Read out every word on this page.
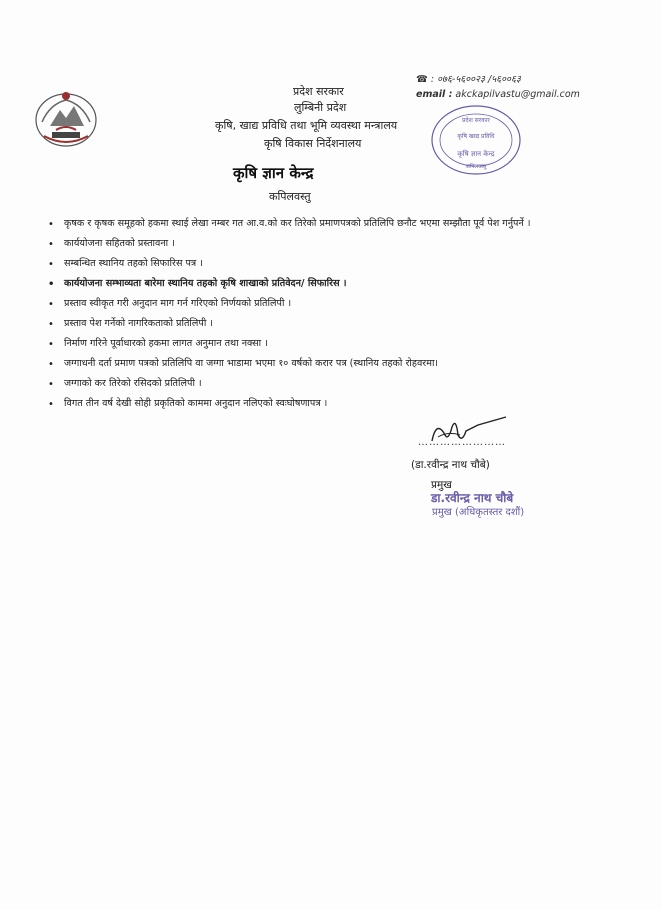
प्रदेश सरकार
लुम्बिनी प्रदेश
कृषि, खाद्य प्रविधि तथा भूमि व्यवस्था मन्त्रालय
कृषि विकास निर्देशनालय
कृषि ज्ञान केन्द्र
कपिलवस्तु
☎ : ०७६-५६००२३ /५६००६३
email : akckapilvastu@gmail.com
प्रदेश सरकार
कृषि खाद्य प्रविधि
कृषि ज्ञान केन्द्र
कपिलवस्तु
• कृषक र कृषक समूहको हकमा स्थाई लेखा नम्बर गत आ.व.को कर तिरेको प्रमाणपत्रको प्रतिलिपि छनौट भएमा सम्झौता पूर्व पेश गर्नुपर्ने ।
• कार्ययोजना सहितको प्रस्तावना ।
• सम्बन्धित स्थानिय तहको सिफारिस पत्र ।
• कार्ययोजना सम्भाव्यता बारेमा स्थानिय तहको कृषि शाखाको प्रतिवेदन/ सिफारिस ।
• प्रस्ताव स्वीकृत गरी अनुदान माग गर्न गरिएको निर्णयको प्रतिलिपी ।
• प्रस्ताव पेश गर्नेको नागरिकताको प्रतिलिपी ।
• निर्माण गरिने पूर्वाधारको हकमा लागत अनुमान तथा नक्सा ।
• जग्गाधनी दर्ता प्रमाण पत्रको प्रतिलिपि वा जग्गा भाडामा भएमा १० वर्षको करार पत्र (स्थानिय तहको रोहवरमा।
• जग्गाको कर तिरेको रसिदको प्रतिलिपी ।
• विगत तीन वर्ष देखी सोही प्रकृतिको काममा अनुदान नलिएको स्वःघोषणापत्र ।
……………………
(डा.रवीन्द्र नाथ चौबे)
प्रमुख
डा.रवीन्द्र नाथ चौबे
प्रमुख (अधिकृतस्तर दशौं)
